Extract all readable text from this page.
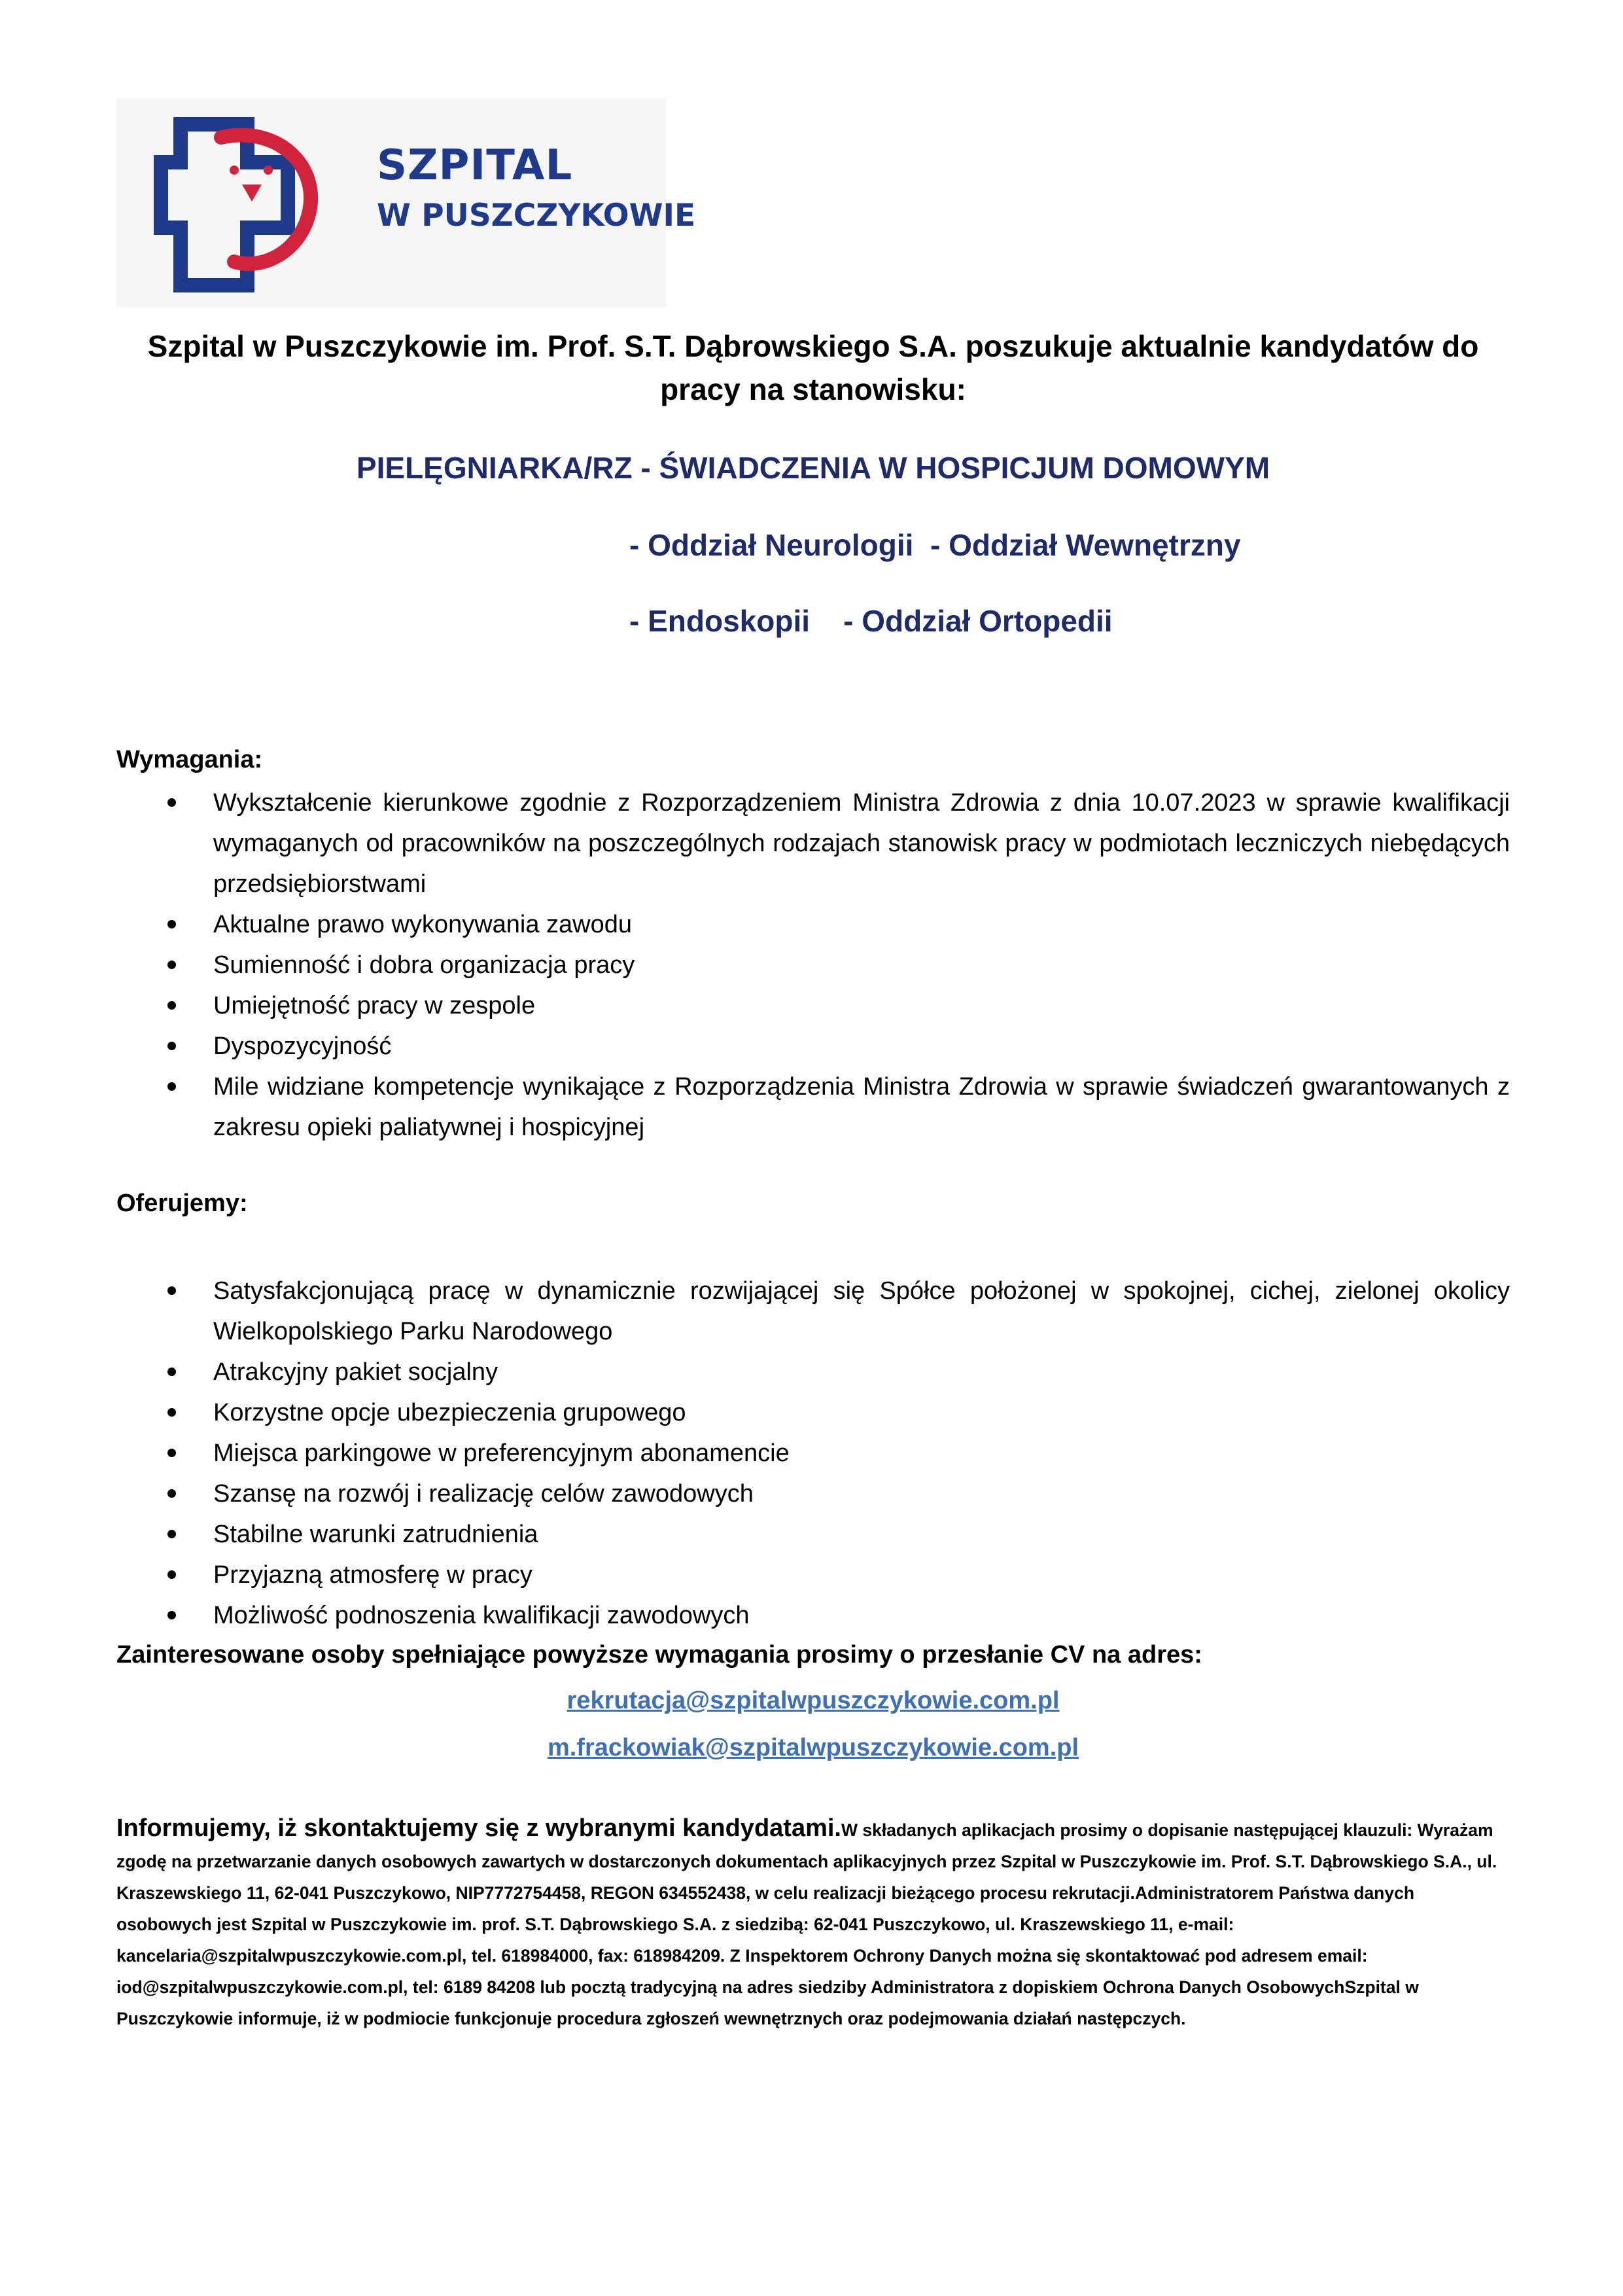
SZPITAL
W PUSZCZYKOWIE
Szpital w Puszczykowie im. Prof. S.T. Dąbrowskiego S.A. poszukuje aktualnie kandydatów do pracy na stanowisku:
PIELĘGNIARKA/RZ - ŚWIADCZENIA W HOSPICJUM DOMOWYM
- Oddział Neurologii  - Oddział Wewnętrzny
- Endoskopii    - Oddział Ortopedii
Wymagania:
Wykształcenie kierunkowe zgodnie z Rozporządzeniem Ministra Zdrowia z dnia 10.07.2023 w sprawie kwalifikacji wymaganych od pracowników na poszczególnych rodzajach stanowisk pracy w podmiotach leczniczych niebędących przedsiębiorstwami
Aktualne prawo wykonywania zawodu
Sumienność i dobra organizacja pracy
Umiejętność pracy w zespole
Dyspozycyjność
Mile widziane kompetencje wynikające z Rozporządzenia Ministra Zdrowia w sprawie świadczeń gwarantowanych z zakresu opieki paliatywnej i hospicyjnej
Oferujemy:
Satysfakcjonującą pracę w dynamicznie rozwijającej się Spółce położonej w spokojnej, cichej, zielonej okolicy Wielkopolskiego Parku Narodowego
Atrakcyjny pakiet socjalny
Korzystne opcje ubezpieczenia grupowego
Miejsca parkingowe w preferencyjnym abonamencie
Szansę na rozwój i realizację celów zawodowych
Stabilne warunki zatrudnienia
Przyjazną atmosferę w pracy
Możliwość podnoszenia kwalifikacji zawodowych
Zainteresowane osoby spełniające powyższe wymagania prosimy o przesłanie CV na adres:
rekrutacja@szpitalwpuszczykowie.com.pl
m.frackowiak@szpitalwpuszczykowie.com.pl
Informujemy, iż skontaktujemy się z wybranymi kandydatami.W składanych aplikacjach prosimy o dopisanie następującej klauzuli: Wyrażam zgodę na przetwarzanie danych osobowych zawartych w dostarczonych dokumentach aplikacyjnych przez Szpital w Puszczykowie im. Prof. S.T. Dąbrowskiego S.A., ul. Kraszewskiego 11, 62-041 Puszczykowo, NIP7772754458, REGON 634552438, w celu realizacji bieżącego procesu rekrutacji.Administratorem Państwa danych osobowych jest Szpital w Puszczykowie im. prof. S.T. Dąbrowskiego S.A. z siedzibą: 62-041 Puszczykowo, ul. Kraszewskiego 11, e-mail: kancelaria@szpitalwpuszczykowie.com.pl, tel. 618984000, fax: 618984209. Z Inspektorem Ochrony Danych można się skontaktować pod adresem email: iod@szpitalwpuszczykowie.com.pl, tel: 6189 84208 lub pocztą tradycyjną na adres siedziby Administratora z dopiskiem Ochrona Danych OsobowychSzpital w Puszczykowie informuje, iż w podmiocie funkcjonuje procedura zgłoszeń wewnętrznych oraz podejmowania działań następczych.
